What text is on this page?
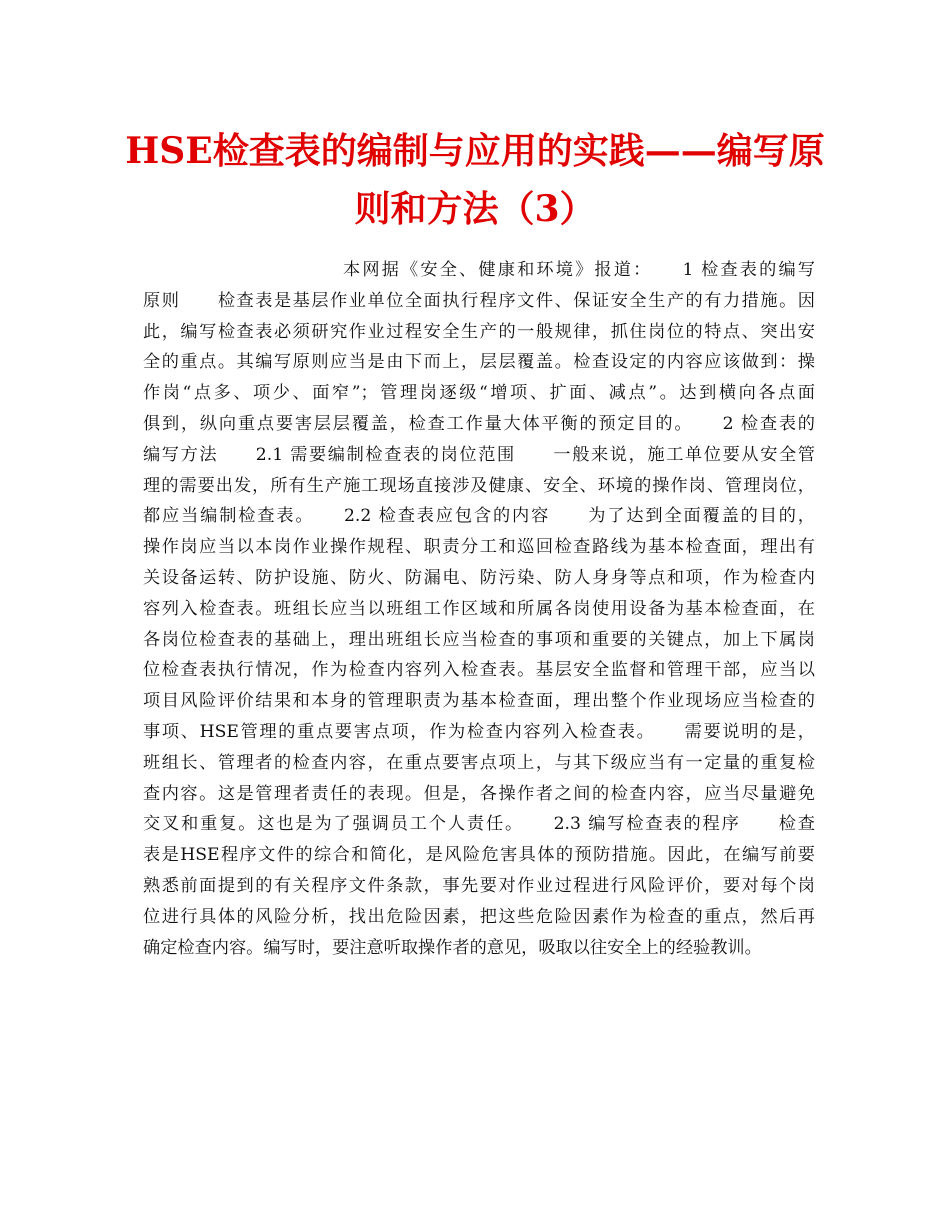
HSE检查表的编制与应用的实践——编写原
则和方法（3）
本网据《安全、健康和环境》报道：　　1 检查表的编写
原则　　检查表是基层作业单位全面执行程序文件、保证安全生产的有力措施。因
此，编写检查表必须研究作业过程安全生产的一般规律，抓住岗位的特点、突出安
全的重点。其编写原则应当是由下而上，层层覆盖。检查设定的内容应该做到：操
作岗“点多、项少、面窄”；管理岗逐级“增项、扩面、减点”。达到横向各点面
俱到，纵向重点要害层层覆盖，检查工作量大体平衡的预定目的。　　2 检查表的
编写方法　　2.1 需要编制检查表的岗位范围　　一般来说，施工单位要从安全管
理的需要出发，所有生产施工现场直接涉及健康、安全、环境的操作岗、管理岗位，
都应当编制检查表。　　2.2 检查表应包含的内容　　为了达到全面覆盖的目的，
操作岗应当以本岗作业操作规程、职责分工和巡回检查路线为基本检查面，理出有
关设备运转、防护设施、防火、防漏电、防污染、防人身身等点和项，作为检查内
容列入检查表。班组长应当以班组工作区域和所属各岗使用设备为基本检查面，在
各岗位检查表的基础上，理出班组长应当检查的事项和重要的关键点，加上下属岗
位检查表执行情况，作为检查内容列入检查表。基层安全监督和管理干部，应当以
项目风险评价结果和本身的管理职责为基本检查面，理出整个作业现场应当检查的
事项、HSE管理的重点要害点项，作为检查内容列入检查表。　　需要说明的是，
班组长、管理者的检查内容，在重点要害点项上，与其下级应当有一定量的重复检
查内容。这是管理者责任的表现。但是，各操作者之间的检查内容，应当尽量避免
交叉和重复。这也是为了强调员工个人责任。　　2.3 编写检查表的程序　　检查
表是HSE程序文件的综合和简化，是风险危害具体的预防措施。因此，在编写前要
熟悉前面提到的有关程序文件条款，事先要对作业过程进行风险评价，要对每个岗
位进行具体的风险分析，找出危险因素，把这些危险因素作为检查的重点，然后再
确定检查内容。编写时，要注意听取操作者的意见，吸取以往安全上的经验教训。
